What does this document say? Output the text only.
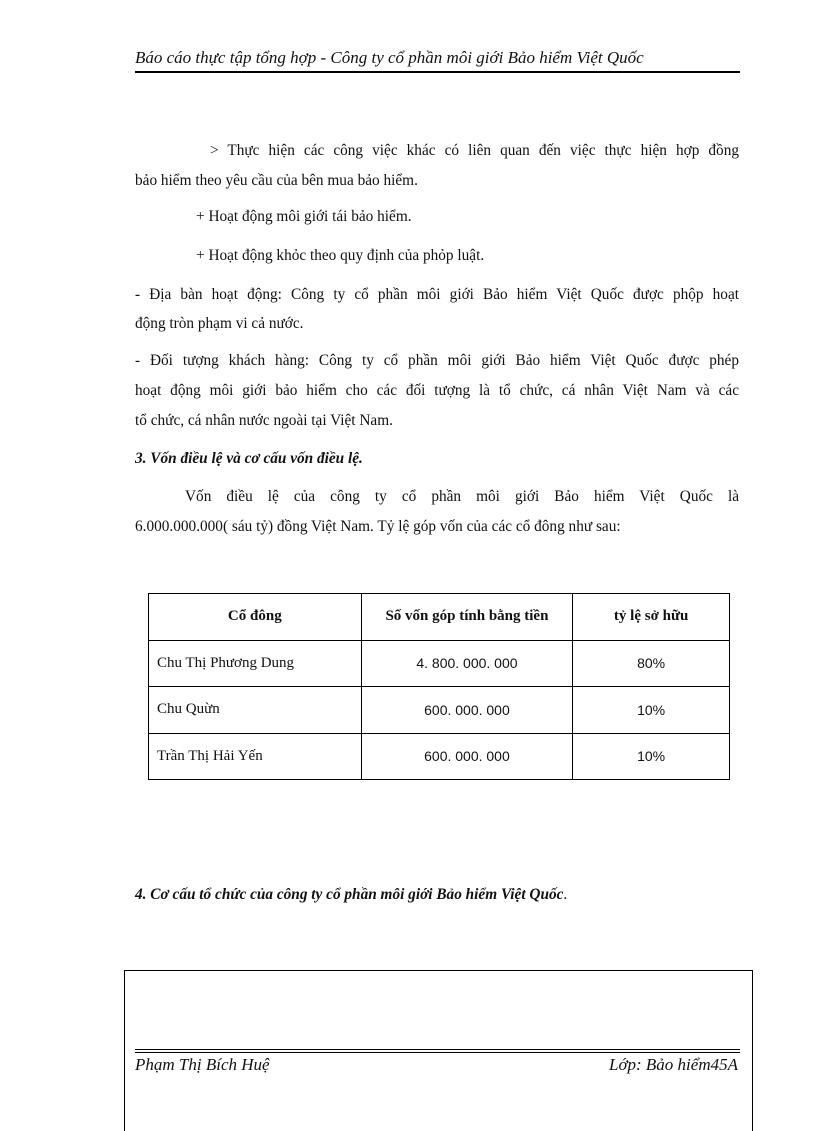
Báo cáo thực tập tổng hợp - Công ty cổ phần môi giới Bảo hiểm Việt Quốc

> Thực hiện các công việc khác có liên quan đến việc thực hiện hợp đồng

bảo hiểm theo yêu cầu của bên mua bảo hiểm.

+ Hoạt động môi giới tái bảo hiểm.

+ Hoạt động khỏc theo quy định của phỏp luật.

- Địa bàn hoạt động: Công ty cổ phần môi giới Bảo hiểm Việt Quốc được phộp hoạt

động tròn phạm vi cả nước.

- Đối tượng khách hàng: Công ty cổ phần môi giới Bảo hiểm Việt Quốc được phép

hoạt động môi giới bảo hiểm cho các đối tượng là tổ chức, cá nhân Việt Nam và các

tổ chức, cá nhân nước ngoài tại Việt Nam.

3. Vốn điều lệ và cơ cấu vốn điều lệ.

Vốn điều lệ của công ty cổ phần môi giới Bảo hiểm Việt Quốc là

6.000.000.000( sáu tỷ) đồng Việt Nam. Tỷ lệ góp vốn của các cổ đông như sau:

Cổ đông	Số vốn góp tính bằng tiền	tỷ lệ sở hữu
Chu Thị Phương Dung	4. 800. 000. 000	80%
Chu Quừn	600. 000. 000	10%
Trần Thị Hải Yến	600. 000. 000	10%

4. Cơ cấu tổ chức của công ty cổ phần môi giới Bảo hiểm Việt Quốc.

Phạm Thị Bích Huệ	Lớp: Bảo hiểm45A
